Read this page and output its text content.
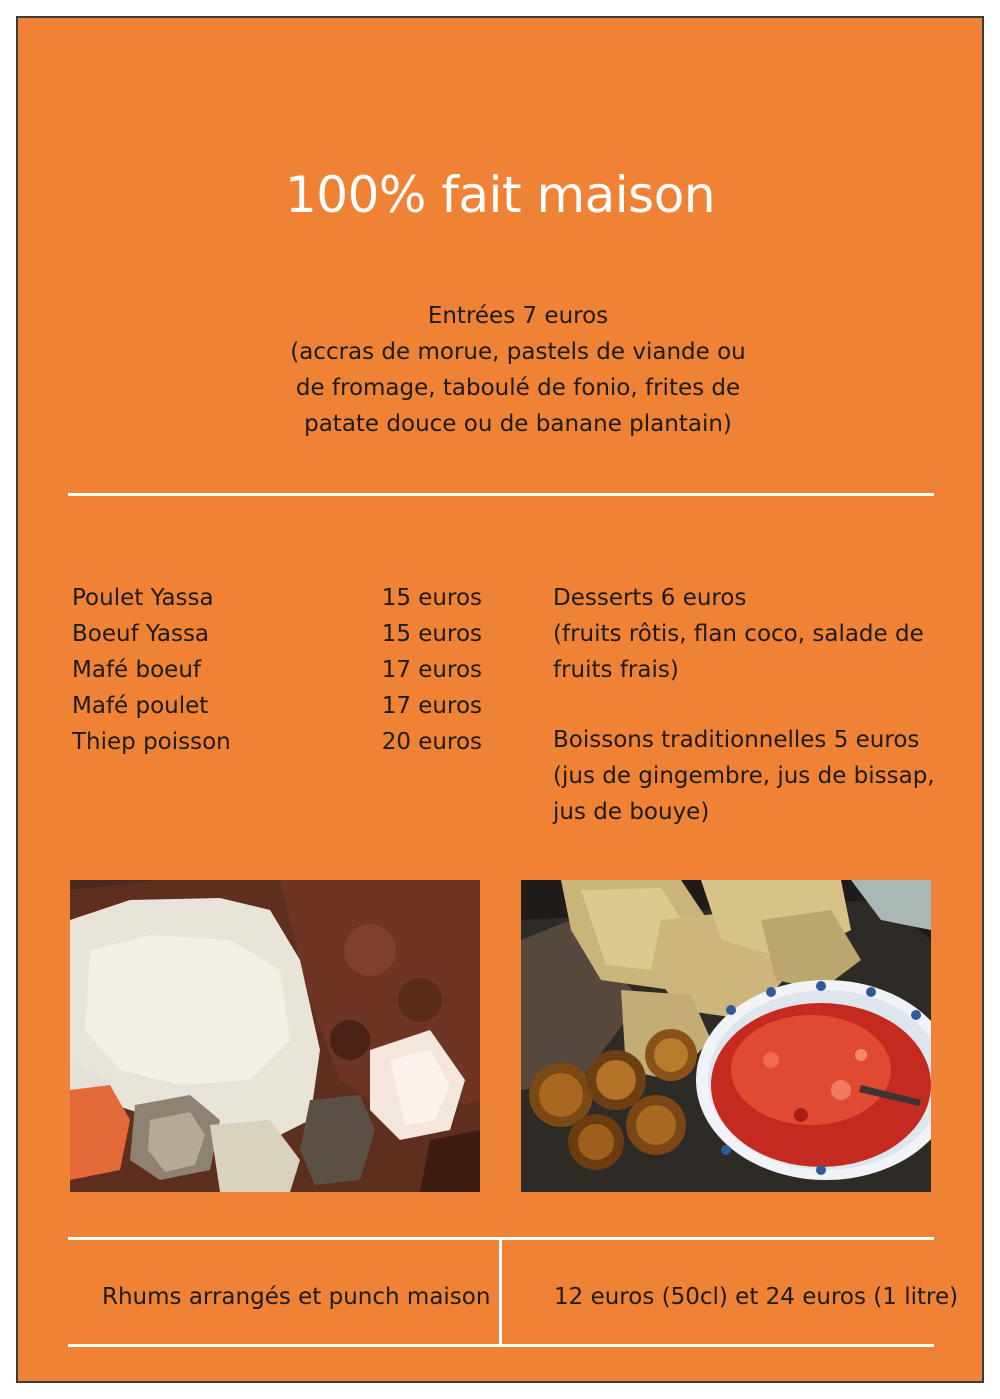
100% fait maison
Entrées 7 euros
(accras de morue, pastels de viande ou
de fromage, taboulé de fonio, frites de
patate douce ou de banane plantain)
Poulet Yassa	15 euros
Boeuf Yassa	15 euros
Mafé boeuf	17 euros
Mafé poulet	17 euros
Thiep poisson	20 euros
Desserts 6 euros
(fruits rôtis, flan coco, salade de
fruits frais)
Boissons traditionnelles 5 euros
(jus de gingembre, jus de bissap,
jus de bouye)
Rhums arrangés et punch maison	12 euros (50cl) et 24 euros (1 litre)
